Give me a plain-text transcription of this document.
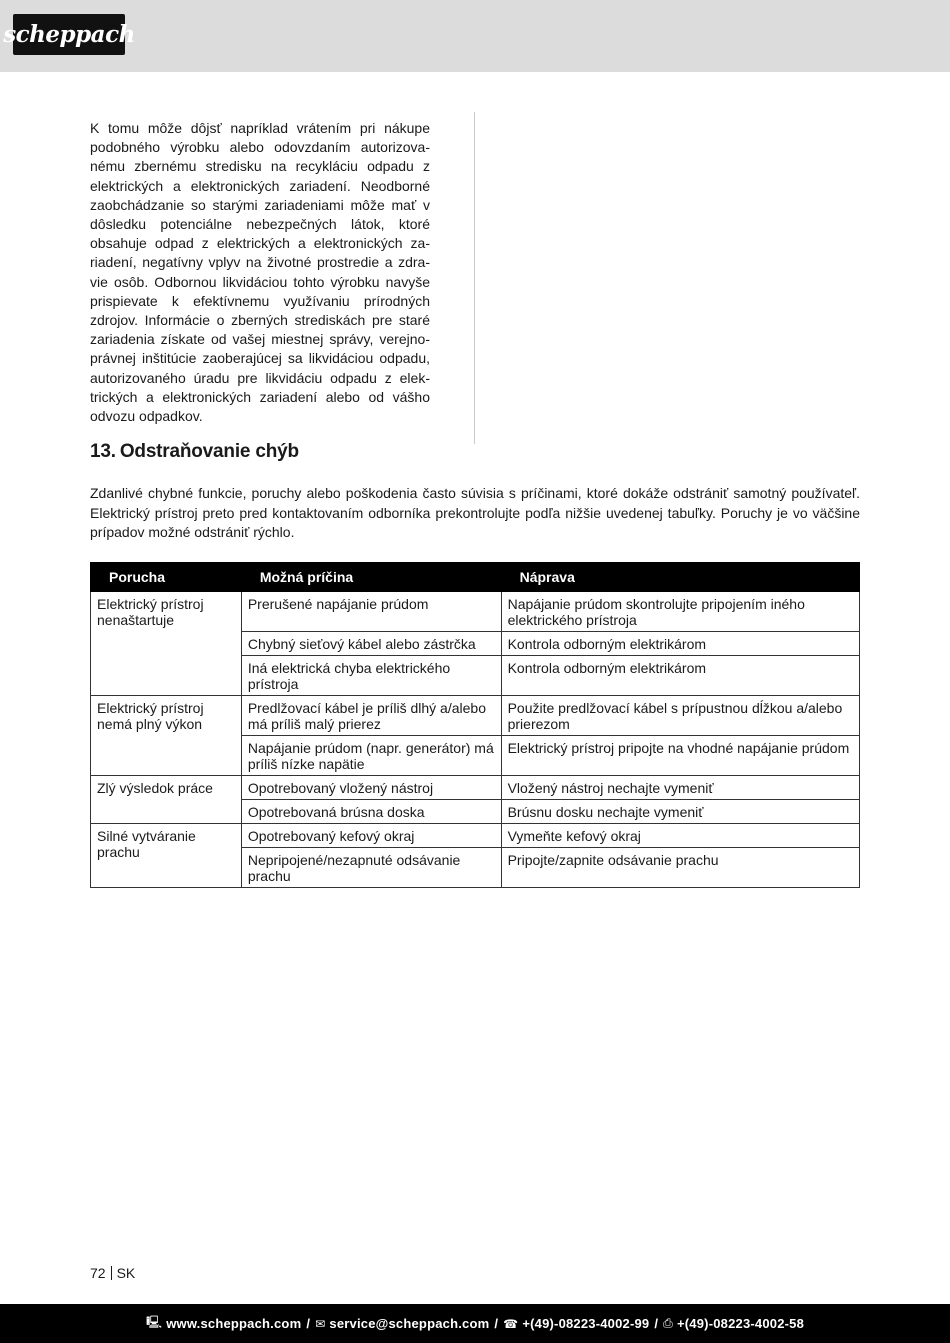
scheppach
K tomu môže dôjsť napríklad vrátením pri nákupe podobného výrobku alebo odovzdaním autorizovanému zbernému stredisku na recykláciu odpadu z elektrických a elektronických zariadení. Neodborné zaobchádzanie so starými zariadeniami môže mať v dôsledku potenciálne nebezpečných látok, ktoré obsahuje odpad z elektrických a elektronických zariadení, negatívny vplyv na životné prostredie a zdravie osôb. Odbornou likvidáciou tohto výrobku navyše prispievate k efektívnemu využívaniu prírodných zdrojov. Informácie o zberných strediskách pre staré zariadenia získate od vašej miestnej správy, verejnoprávnej inštitúcie zaoberajúcej sa likvidáciou odpadu, autorizovaného úradu pre likvidáciu odpadu z elektrických a elektronických zariadení alebo od vášho odvozu odpadkov.
13. Odstraňovanie chýb
Zdanlivé chybné funkcie, poruchy alebo poškodenia často súvisia s príčinami, ktoré dokáže odstrániť samotný používateľ. Elektrický prístroj preto pred kontaktovaním odborníka prekontrolujte podľa nižšie uvedenej tabuľky. Poruchy je vo väčšine prípadov možné odstrániť rýchlo.
Porucha	Možná príčina	Náprava

Elektrický prístroj nenaštartuje	Prerušené napájanie prúdom	Napájanie prúdom skontrolujte pripojením iného elektrického prístroja
	Chybný sieťový kábel alebo zástrčka	Kontrola odborným elektrikárom
	Iná elektrická chyba elektrického prístroja	Kontrola odborným elektrikárom
Elektrický prístroj nemá plný výkon	Predlžovací kábel je príliš dlhý a/alebo má príliš malý prierez	Použite predlžovací kábel s prípustnou dĺžkou a/alebo prierezom
	Napájanie prúdom (napr. generátor) má príliš nízke napätie	Elektrický prístroj pripojte na vhodné napájanie prúdom
Zlý výsledok práce	Opotrebovaný vložený nástroj	Vložený nástroj nechajte vymeniť
	Opotrebovaná brúsna doska	Brúsnu dosku nechajte vymeniť
Silné vytváranie prachu	Opotrebovaný kefový okraj	Vymeňte kefový okraj
	Nepripojené/nezapnuté odsávanie prachu	Pripojte/zapnite odsávanie prachu
72 SK
🖳 www.scheppach.com / ✉ service@scheppach.com / ☎ +(49)-08223-4002-99 / ⎙ +(49)-08223-4002-58
